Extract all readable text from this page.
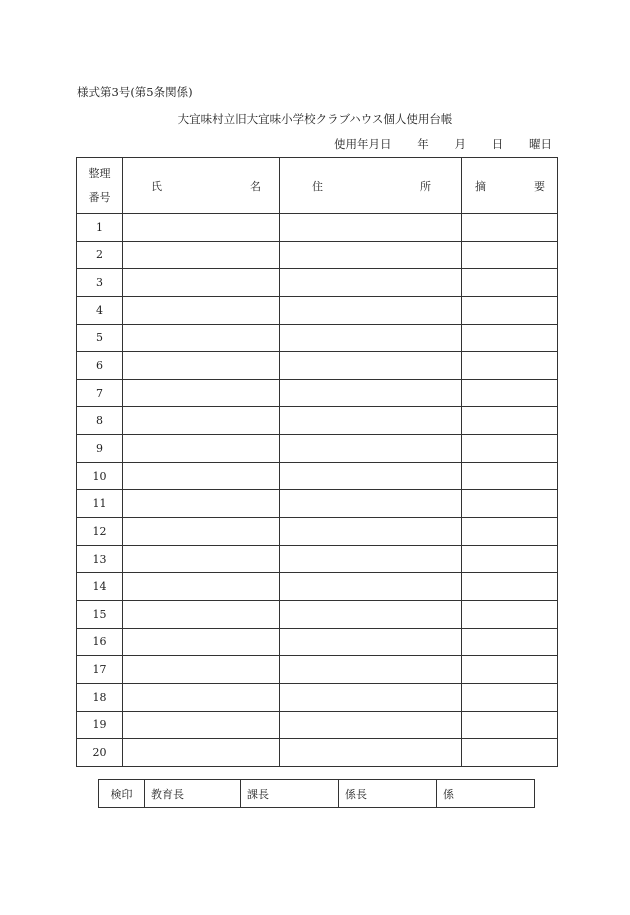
様式第3号(第5条関係)
大宜味村立旧大宜味小学校クラブハウス個人使用台帳
使用年月日 年 月 日 曜日
整理
番号	氏 名	住 所	摘 要

1			
2			
3			
4			
5			
6			
7			
8			
9			
10			
11			
12			
13			
14			
15			
16			
17			
18			
19			
20			
検印	教育長	課長	係長	係
